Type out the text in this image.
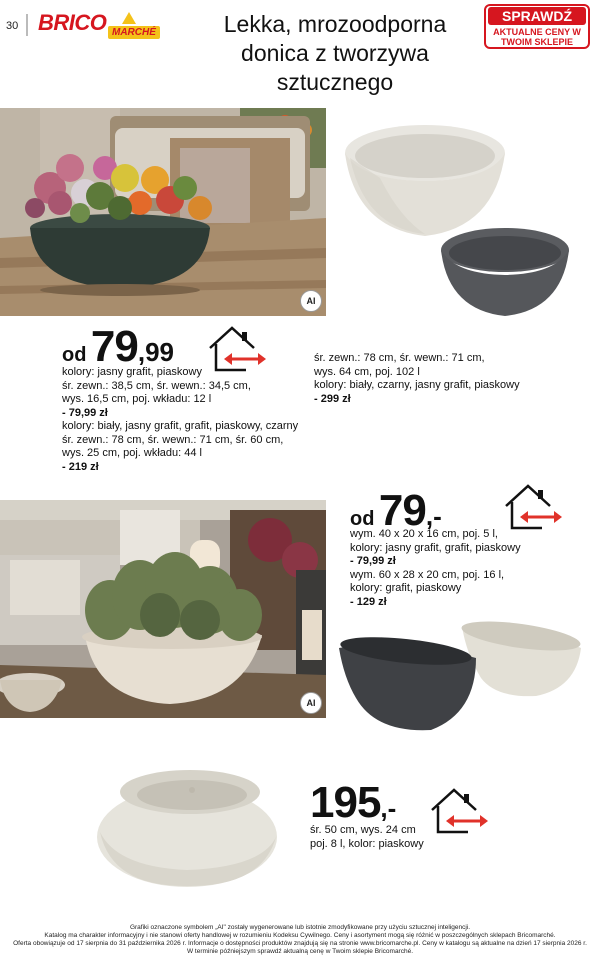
30 BRICO MARCHÉ	Lekka, mrozoodporna donica z tworzywa sztucznego
SPRAWDŹ
AKTUALNE CENY W TWOIM SKLEPIE
AI
od 79,99
kolory: jasny grafit, piaskowy
śr. zewn.: 38,5 cm, śr. wewn.: 34,5 cm,
wys. 16,5 cm, poj. wkładu: 12 l
- 79,99 zł
kolory: biały, jasny grafit, grafit, piaskowy, czarny
śr. zewn.: 78 cm, śr. wewn.: 71 cm, śr. 60 cm,
wys. 25 cm, poj. wkładu: 44 l
- 219 zł
śr. zewn.: 78 cm, śr. wewn.: 71 cm,
wys. 64 cm, poj. 102 l
kolory: biały, czarny, jasny grafit, piaskowy
- 299 zł
AI
od 79,-
wym. 40 x 20 x 16 cm, poj. 5 l,
kolory: jasny grafit, grafit, piaskowy
- 79,99 zł
wym. 60 x 28 x 20 cm, poj. 16 l,
kolory: grafit, piaskowy
- 129 zł
195,-
śr. 50 cm, wys. 24 cm
poj. 8 l, kolor: piaskowy
Grafiki oznaczone symbolem „AI" zostały wygenerowane lub istotnie zmodyfikowane przy użyciu sztucznej inteligencji.
Katalog ma charakter informacyjny i nie stanowi oferty handlowej w rozumieniu Kodeksu Cywilnego. Ceny i asortyment mogą się różnić w poszczególnych sklepach Bricomarché.
Oferta obowiązuje od 17 sierpnia do 31 października 2026 r. Informacje o dostępności produktów znajdują się na stronie www.bricomarche.pl. Ceny w katalogu są aktualne na dzień 17 sierpnia 2026 r.
W terminie późniejszym sprawdź aktualną cenę w Twoim sklepie Bricomarché.
